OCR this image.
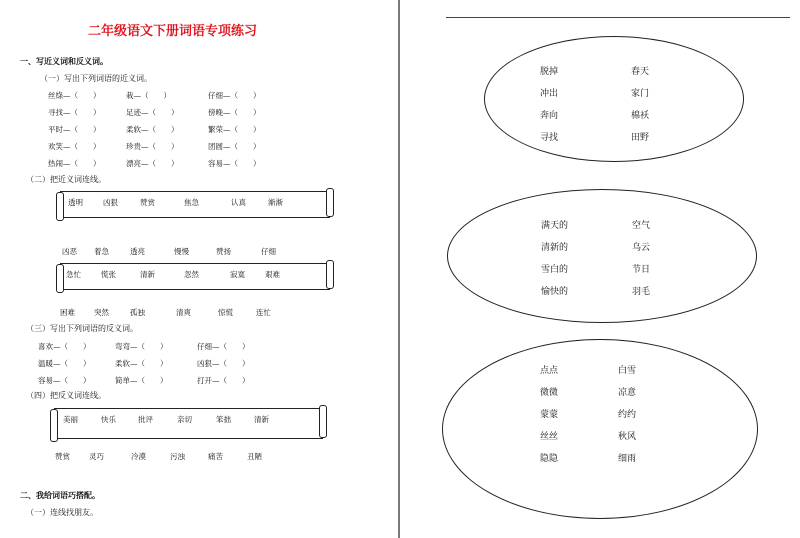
二年级语文下册词语专项练习
一、写近义词和反义词。
（一）写出下列词语的近义词。
丝绦—（　　）	栽—（　　）	仔细—（　　）
寻找—（　　）	足迹—（　　）	傍晚—（　　）
平时—（　　）	柔软—（　　）	繁荣—（　　）
欢笑—（　　）	珍贵—（　　）	团圆—（　　）
热闹—（　　）	漂亮—（　　）	容易—（　　）
（二）把近义词连线。
透明	凶狠	赞赏	焦急	认真	渐渐
凶恶 着急	透亮	慢慢	赞扬	仔细
急忙	慌张	清新	忽然	寂寞	艰难
困难	突然	孤独	清爽	惊慌	连忙
（三）写出下列词语的反义词。
喜欢—（　　）	弯弯—（　　）	仔细—（　　）
温暖—（　　）	柔软—（　　）	凶狠—（　　）
容易—（　　）	简单—（　　）	打开—（　　）
（四）把反义词连线。
美丽	快乐	批评	亲切	笨拙	清新
赞赏	灵巧	冷漠	污浊	痛苦	丑陋
二、我给词语巧搭配。
（一）连线找朋友。
脱掉
冲出
奔向
寻找
春天
家门
棉袄
田野
满天的
清新的
雪白的
愉快的
空气
乌云
节日
羽毛
点点
微微
蒙蒙
丝丝
隐隐
白雪
凉意
约约
秋风
细雨
